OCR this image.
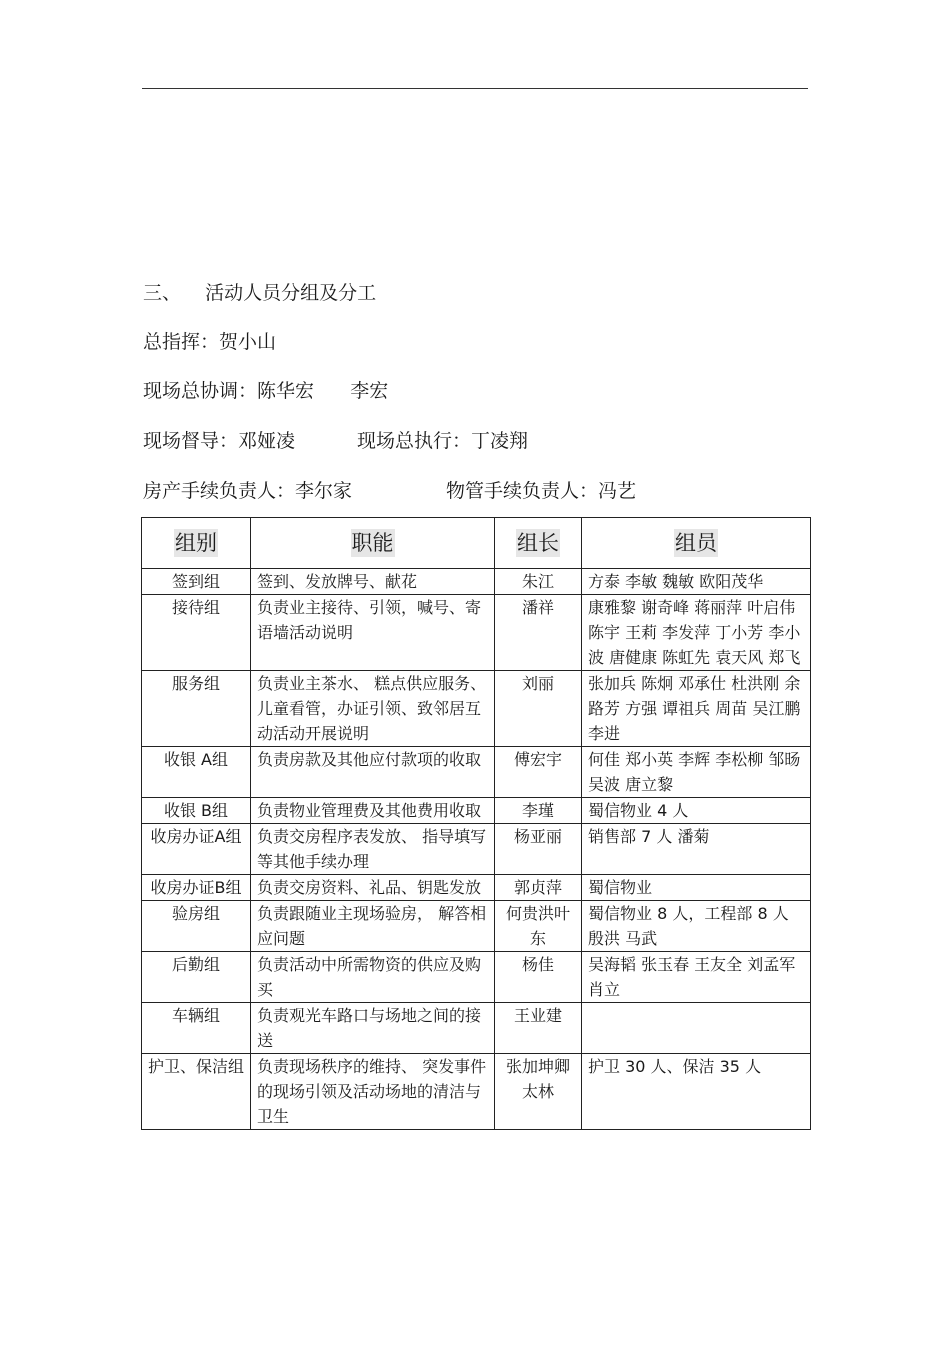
三、    活动人员分组及分工
总指挥：贺小山
现场总协调：陈华宏      李宏
现场督导：邓娅凌	现场总执行：丁凌翔
房产手续负责人：李尔家	物管手续负责人：冯艺
组别	职能	组长	组员
签到组	签到、发放牌号、献花	朱江	方泰 李敏 魏敏 欧阳茂华
接待组	负责业主接待、引领，喊号、寄语墙活动说明	潘祥	康雅黎 谢奇峰 蒋丽萍 叶启伟 陈宇 王莉 李发萍 丁小芳 李小波 唐健康 陈虹先 袁天风 郑飞
服务组	负责业主茶水、 糕点供应服务、儿童看管，办证引领、致邻居互动活动开展说明	刘丽	张加兵 陈炯 邓承仕 杜洪刚 余路芳 方强 谭祖兵 周苗 吴江鹏 李进
收银 A组	负责房款及其他应付款项的收取	傅宏宇	何佳 郑小英 李辉 李松柳 邹旸 吴波 唐立黎
收银 B组	负责物业管理费及其他费用收取	李瑾	蜀信物业 4 人
收房办证A组	负责交房程序表发放、 指导填写等其他手续办理	杨亚丽	销售部 7 人 潘菊
收房办证B组	负责交房资料、礼品、钥匙发放	郭贞萍	蜀信物业
验房组	负责跟随业主现场验房， 解答相应问题	何贵洪叶东	蜀信物业 8 人，工程部 8 人 殷洪 马武
后勤组	负责活动中所需物资的供应及购买	杨佳	吴海韬 张玉春 王友全 刘孟军 肖立
车辆组	负责观光车路口与场地之间的接送	王业建	
护卫、保洁组	负责现场秩序的维持、 突发事件的现场引领及活动场地的清洁与卫生	张加坤卿太林	护卫 30 人、保洁 35 人
